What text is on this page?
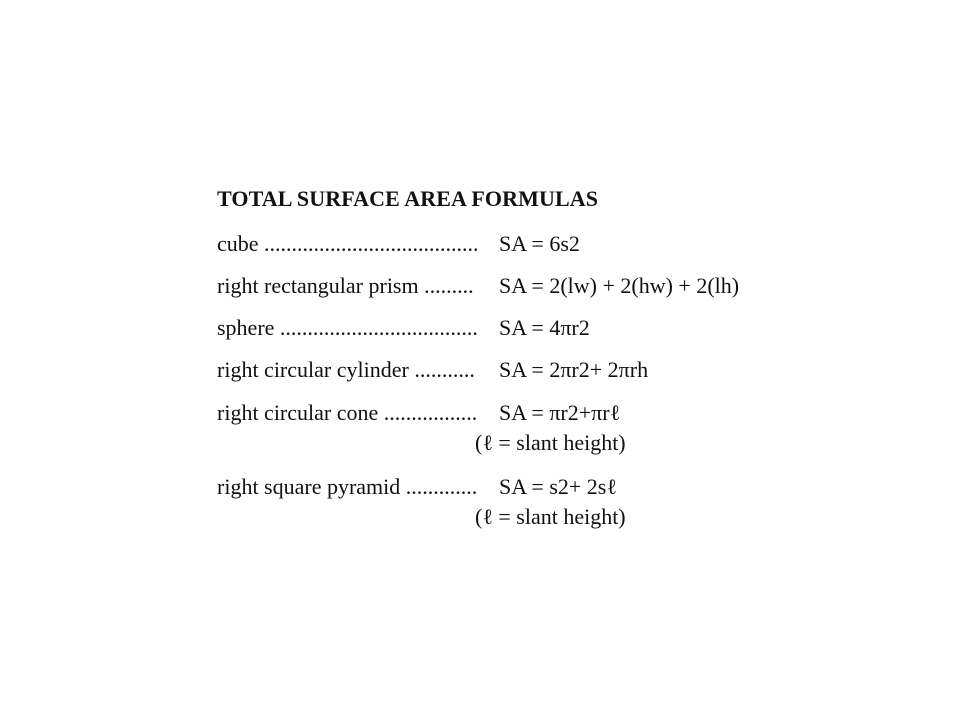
TOTAL SURFACE AREA FORMULAS
cube ....................................... SA = 6s2
right rectangular prism ......... SA = 2(lw) + 2(hw) + 2(lh)
sphere .................................... SA = 4πr2
right circular cylinder ........... SA = 2πr2+ 2πrh
right circular cone ................. SA = πr2+πrℓ
(ℓ = slant height)
right square pyramid ............. SA = s2+ 2sℓ
(ℓ = slant height)
